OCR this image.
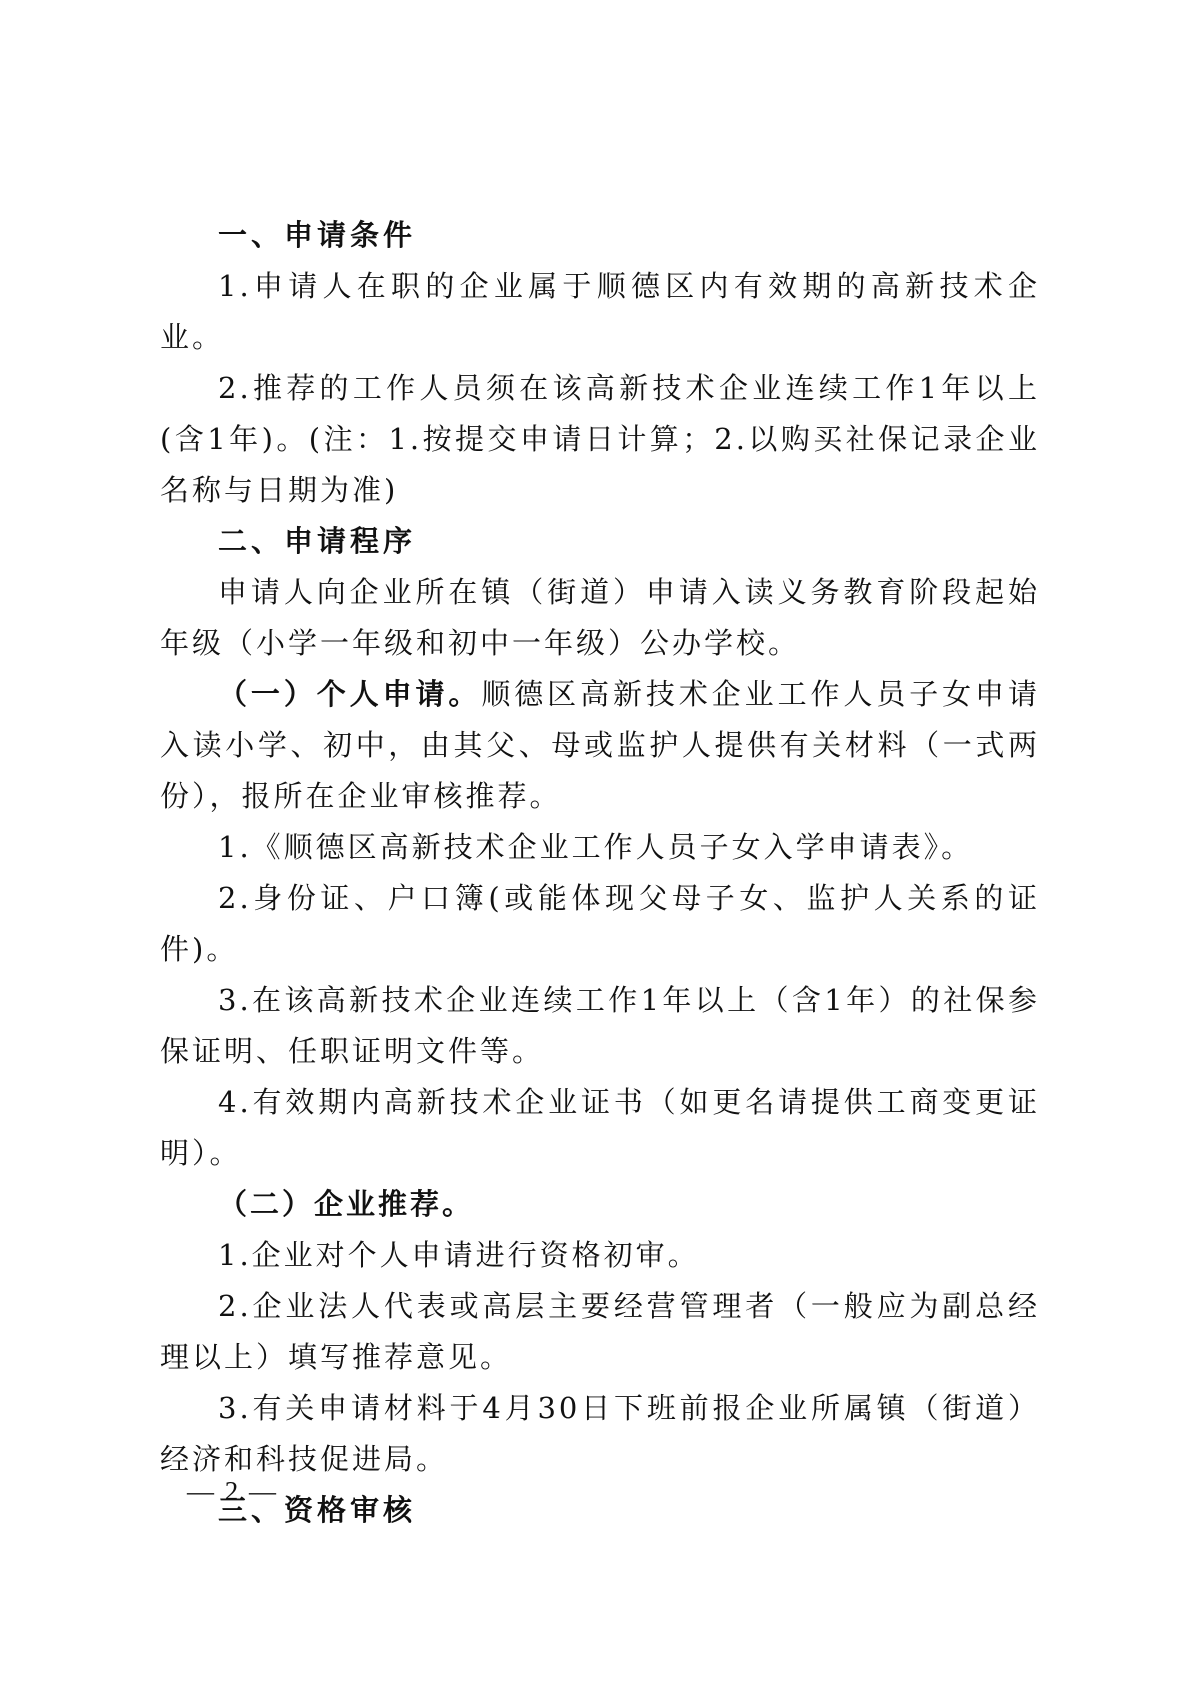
一、申请条件

1.申请人在职的企业属于顺德区内有效期的高新技术企业。

2.推荐的工作人员须在该高新技术企业连续工作1年以上(含1年)。(注：1.按提交申请日计算；2.以购买社保记录企业名称与日期为准)

二、申请程序

申请人向企业所在镇（街道）申请入读义务教育阶段起始年级（小学一年级和初中一年级）公办学校。

（一）个人申请。顺德区高新技术企业工作人员子女申请入读小学、初中，由其父、母或监护人提供有关材料（一式两份），报所在企业审核推荐。

1.《顺德区高新技术企业工作人员子女入学申请表》。

2.身份证、户口簿(或能体现父母子女、监护人关系的证件)。

3.在该高新技术企业连续工作1年以上（含1年）的社保参保证明、任职证明文件等。

4.有效期内高新技术企业证书（如更名请提供工商变更证明）。

（二）企业推荐。

1.企业对个人申请进行资格初审。

2.企业法人代表或高层主要经营管理者（一般应为副总经理以上）填写推荐意见。

3.有关申请材料于4月30日下班前报企业所属镇（街道）经济和科技促进局。

三、资格审核

— 2 —
